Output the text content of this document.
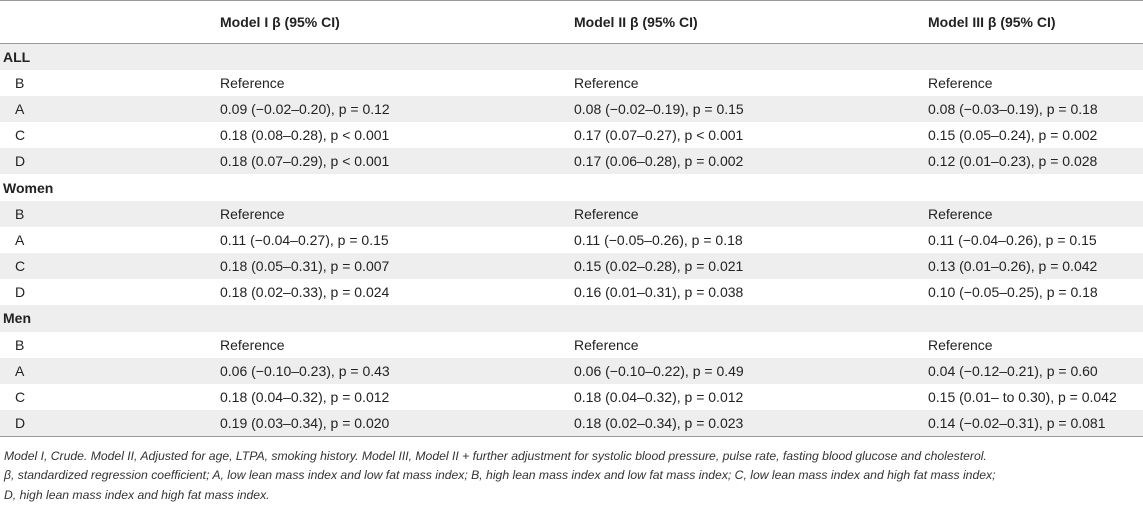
	Model I β (95% CI)	Model II β (95% CI)	Model III β (95% CI)
ALL			
B	Reference	Reference	Reference
A	0.09 (−0.02–0.20), p = 0.12	0.08 (−0.02–0.19), p = 0.15	0.08 (−0.03–0.19), p = 0.18
C	0.18 (0.08–0.28), p < 0.001	0.17 (0.07–0.27), p < 0.001	0.15 (0.05–0.24), p = 0.002
D	0.18 (0.07–0.29), p < 0.001	0.17 (0.06–0.28), p = 0.002	0.12 (0.01–0.23), p = 0.028
Women			
B	Reference	Reference	Reference
A	0.11 (−0.04–0.27), p = 0.15	0.11 (−0.05–0.26), p = 0.18	0.11 (−0.04–0.26), p = 0.15
C	0.18 (0.05–0.31), p = 0.007	0.15 (0.02–0.28), p = 0.021	0.13 (0.01–0.26), p = 0.042
D	0.18 (0.02–0.33), p = 0.024	0.16 (0.01–0.31), p = 0.038	0.10 (−0.05–0.25), p = 0.18
Men			
B	Reference	Reference	Reference
A	0.06 (−0.10–0.23), p = 0.43	0.06 (−0.10–0.22), p = 0.49	0.04 (−0.12–0.21), p = 0.60
C	0.18 (0.04–0.32), p = 0.012	0.18 (0.04–0.32), p = 0.012	0.15 (0.01– to 0.30), p = 0.042
D	0.19 (0.03–0.34), p = 0.020	0.18 (0.02–0.34), p = 0.023	0.14 (−0.02–0.31), p = 0.081

Model I, Crude. Model II, Adjusted for age, LTPA, smoking history. Model III, Model II + further adjustment for systolic blood pressure, pulse rate, fasting blood glucose and cholesterol.

β, standardized regression coefficient; A, low lean mass index and low fat mass index; B, high lean mass index and low fat mass index; C, low lean mass index and high fat mass index;

D, high lean mass index and high fat mass index.
